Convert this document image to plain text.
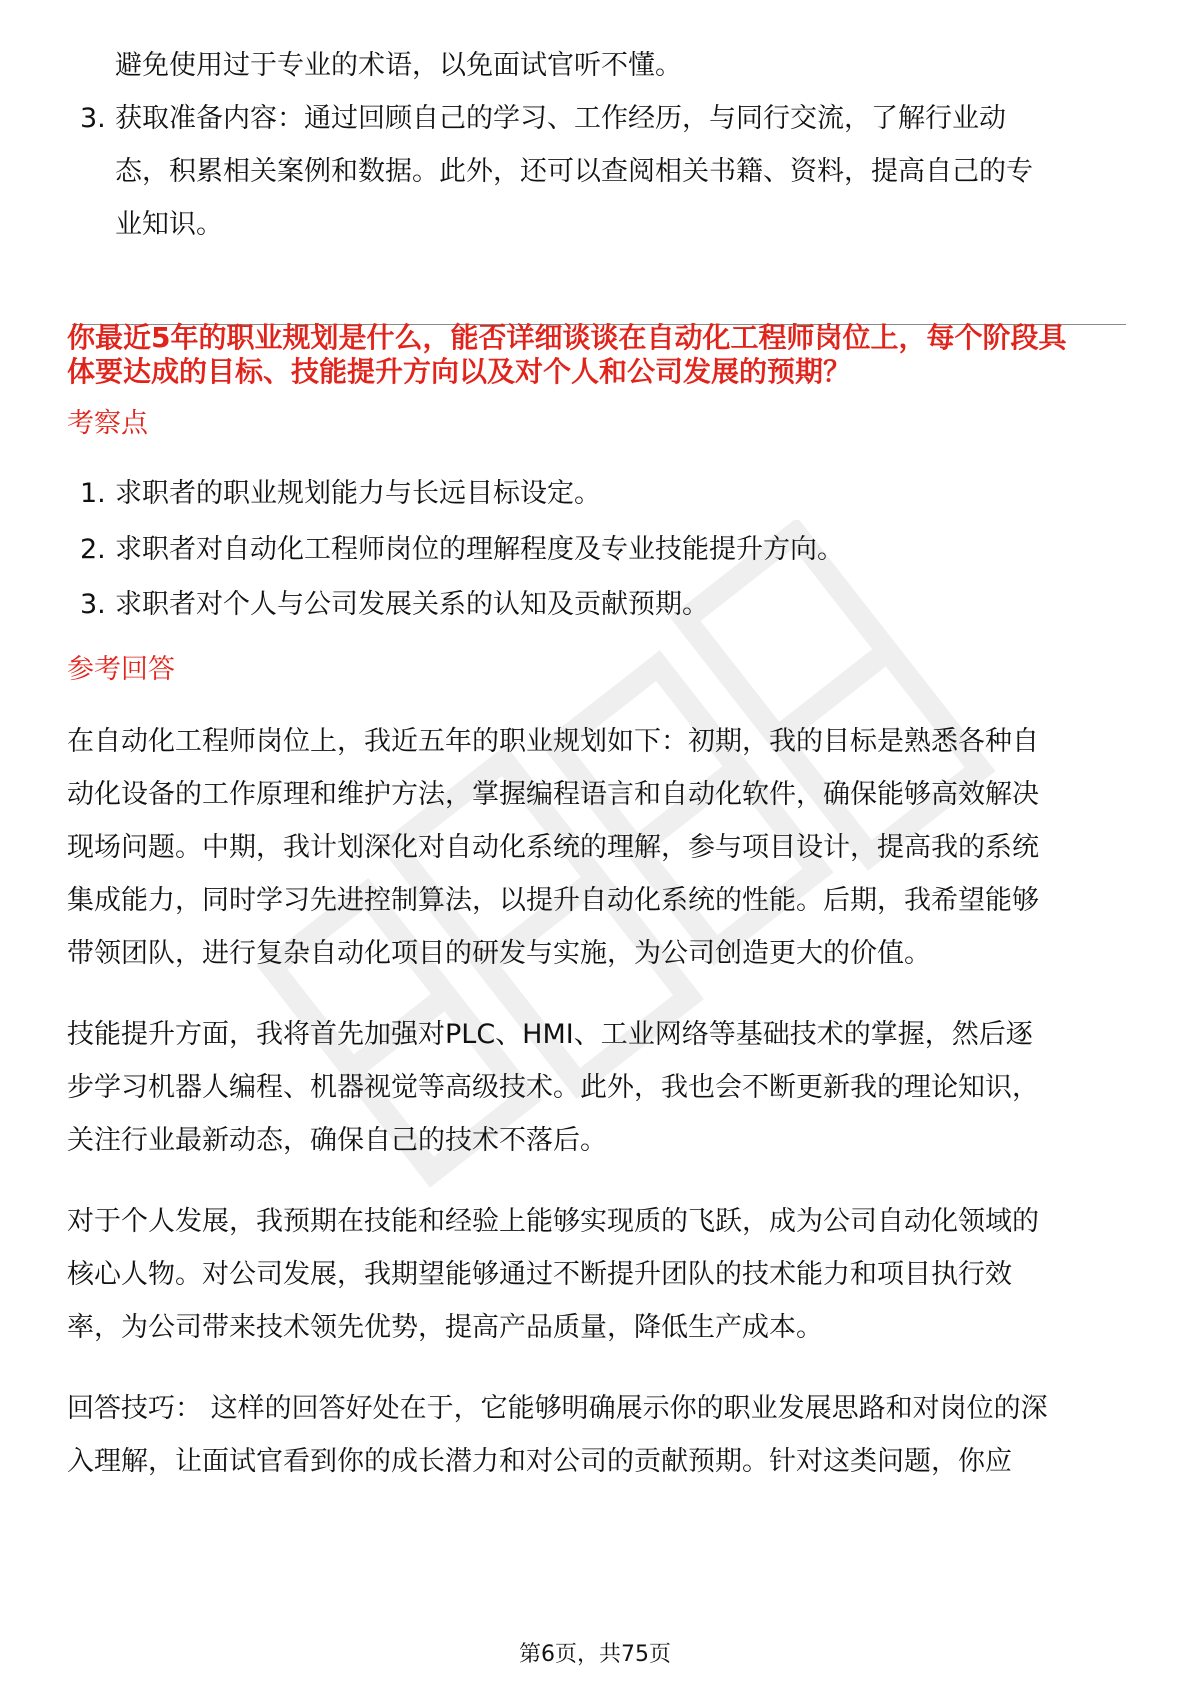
避免使用过于专业的术语，以免面试官听不懂。
3. 获取准备内容：通过回顾自己的学习、工作经历，与同行交流，了解行业动
态，积累相关案例和数据。此外，还可以查阅相关书籍、资料，提高自己的专
业知识。
你最近5年的职业规划是什么，能否详细谈谈在自动化工程师岗位上，每个阶段具
体要达成的目标、技能提升方向以及对个人和公司发展的预期？
考察点
1. 求职者的职业规划能力与长远目标设定。
2. 求职者对自动化工程师岗位的理解程度及专业技能提升方向。
3. 求职者对个人与公司发展关系的认知及贡献预期。
参考回答
在自动化工程师岗位上，我近五年的职业规划如下：初期，我的目标是熟悉各种自
动化设备的工作原理和维护方法，掌握编程语言和自动化软件，确保能够高效解决
现场问题。中期，我计划深化对自动化系统的理解，参与项目设计，提高我的系统
集成能力，同时学习先进控制算法，以提升自动化系统的性能。后期，我希望能够
带领团队，进行复杂自动化项目的研发与实施，为公司创造更大的价值。
技能提升方面，我将首先加强对PLC、HMI、工业网络等基础技术的掌握，然后逐
步学习机器人编程、机器视觉等高级技术。此外，我也会不断更新我的理论知识，
关注行业最新动态，确保自己的技术不落后。
对于个人发展，我预期在技能和经验上能够实现质的飞跃，成为公司自动化领域的
核心人物。对公司发展，我期望能够通过不断提升团队的技术能力和项目执行效
率，为公司带来技术领先优势，提高产品质量，降低生产成本。
回答技巧： 这样的回答好处在于，它能够明确展示你的职业发展思路和对岗位的深
入理解，让面试官看到你的成长潜力和对公司的贡献预期。针对这类问题，你应
第6页，共75页
